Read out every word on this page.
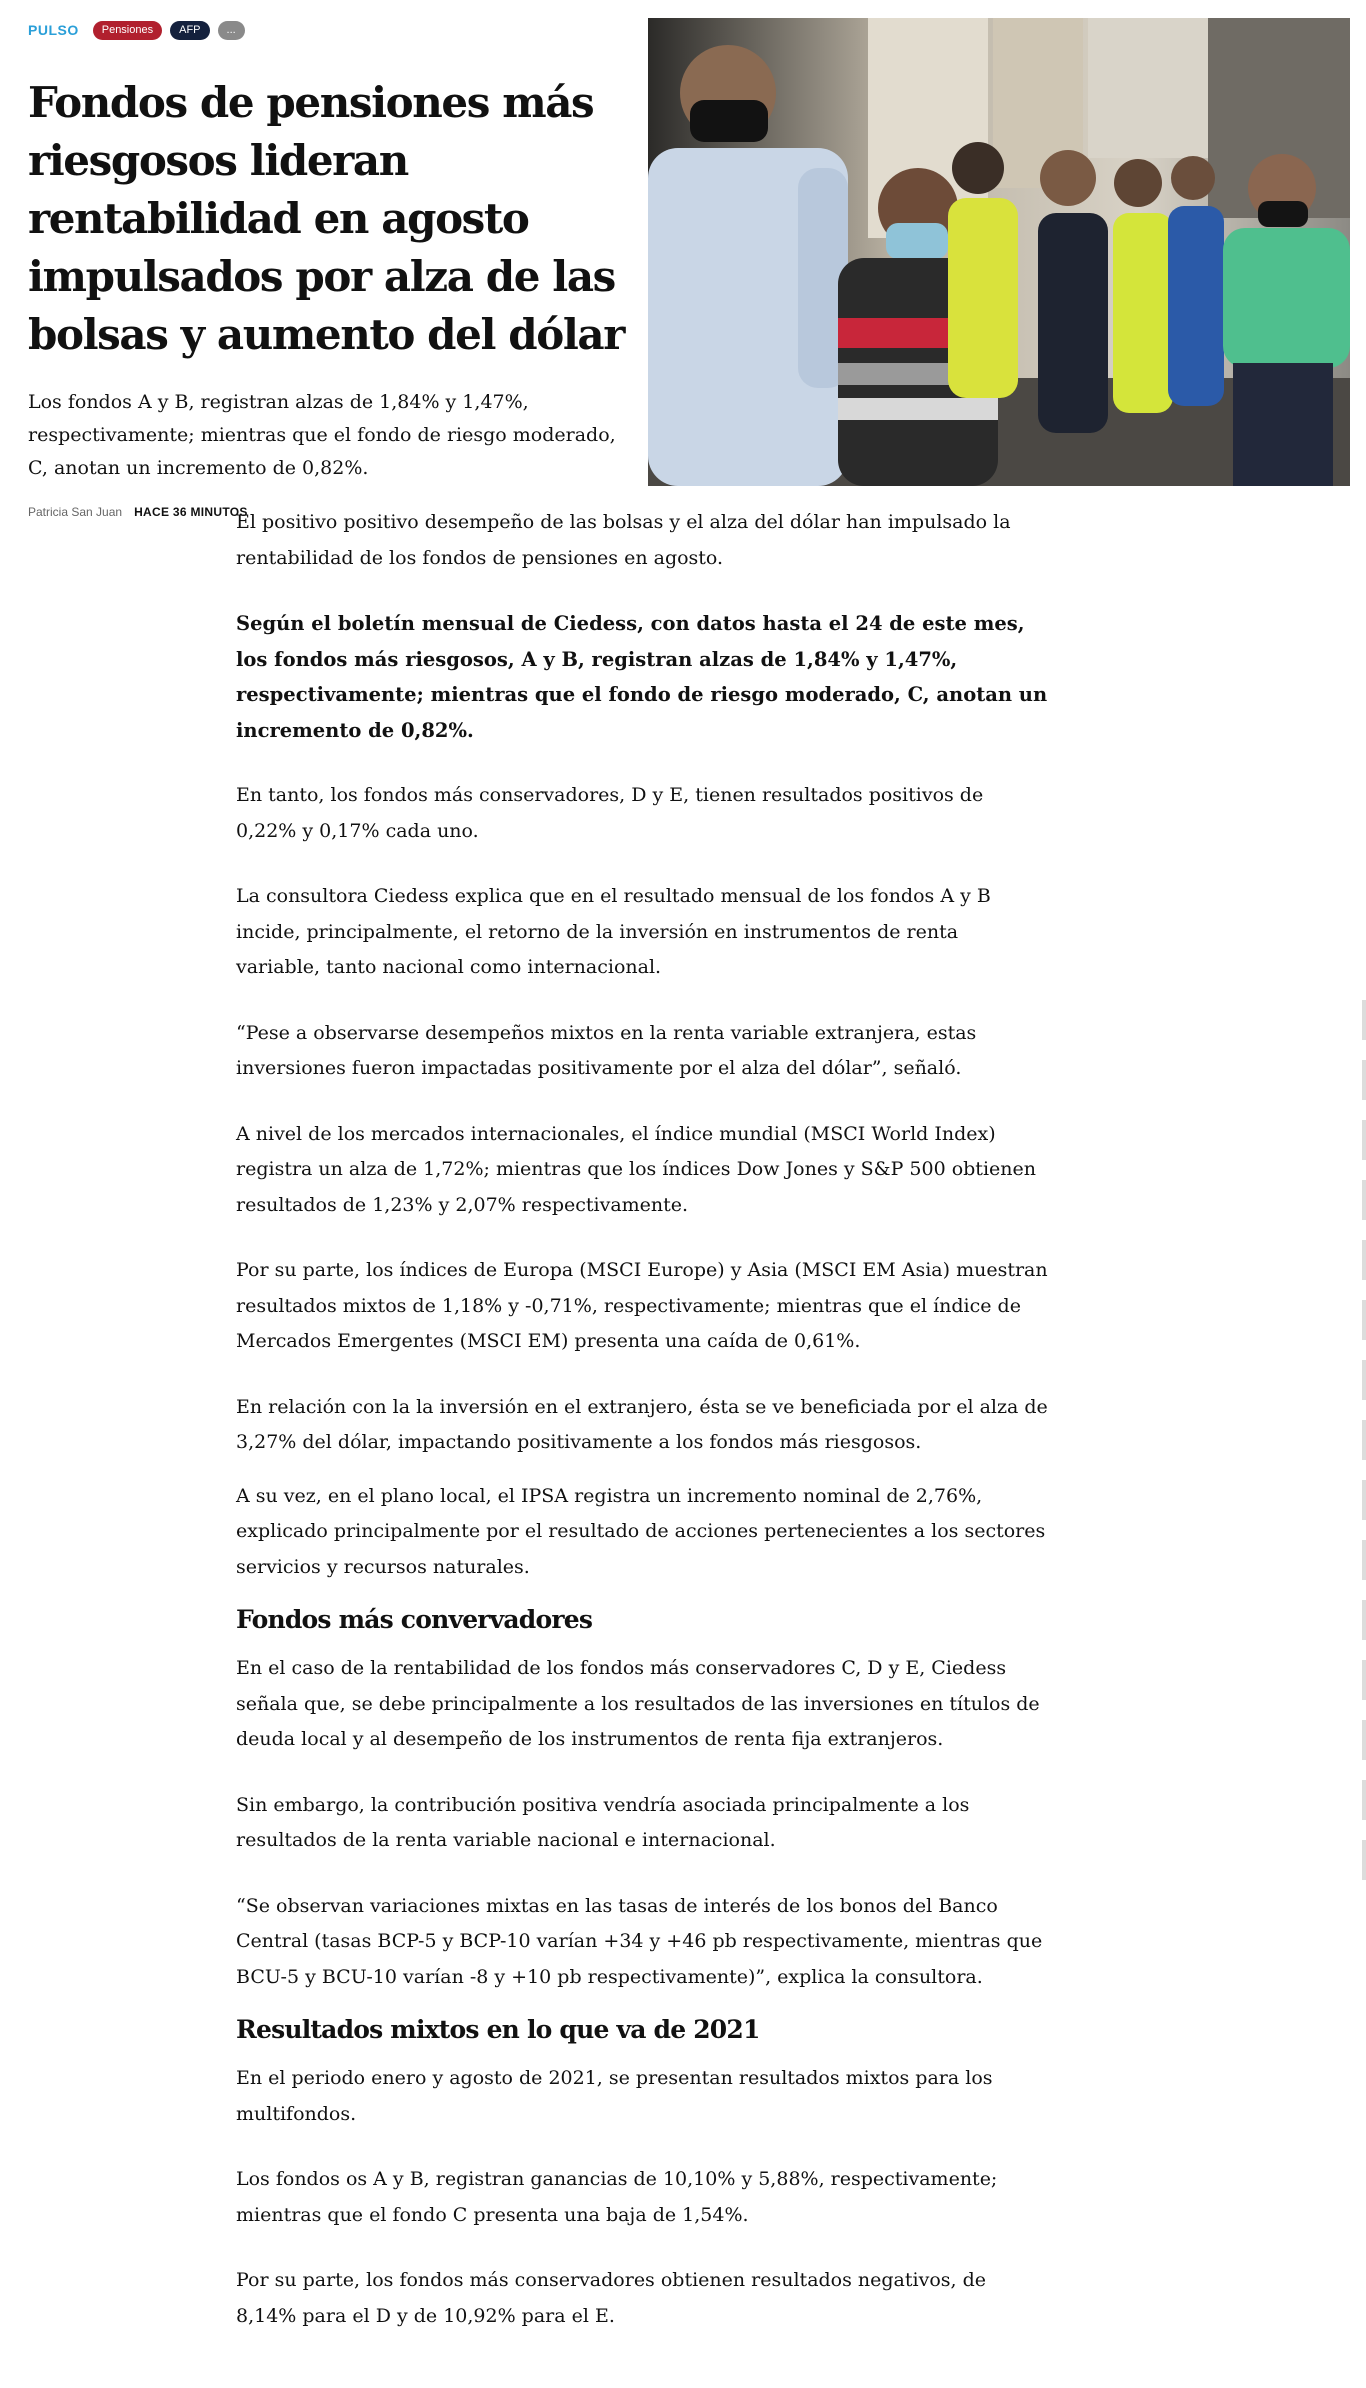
PULSO	Pensiones	AFP	...
Fondos de pensiones más riesgosos lideran rentabilidad en agosto impulsados por alza de las bolsas y aumento del dólar

Los fondos A y B, registran alzas de 1,84% y 1,47%, respectivamente; mientras que el fondo de riesgo moderado, C, anotan un incremento de 0,82%.

Patricia San Juan HACE 36 MINUTOS

El positivo positivo desempeño de las bolsas y el alza del dólar han impulsado la rentabilidad de los fondos de pensiones en agosto.

Según el boletín mensual de Ciedess, con datos hasta el 24 de este mes, los fondos más riesgosos, A y B, registran alzas de 1,84% y 1,47%, respectivamente; mientras que el fondo de riesgo moderado, C, anotan un incremento de 0,82%.

En tanto, los fondos más conservadores, D y E, tienen resultados positivos de 0,22% y 0,17% cada uno.

La consultora Ciedess explica que en el resultado mensual de los fondos A y B incide, principalmente, el retorno de la inversión en instrumentos de renta variable, tanto nacional como internacional.

“Pese a observarse desempeños mixtos en la renta variable extranjera, estas inversiones fueron impactadas positivamente por el alza del dólar”, señaló.

A nivel de los mercados internacionales, el índice mundial (MSCI World Index) registra un alza de 1,72%; mientras que los índices Dow Jones y S&P 500 obtienen resultados de 1,23% y 2,07% respectivamente.

Por su parte, los índices de Europa (MSCI Europe) y Asia (MSCI EM Asia) muestran resultados mixtos de 1,18% y -0,71%, respectivamente; mientras que el índice de Mercados Emergentes (MSCI EM) presenta una caída de 0,61%.

En relación con la la inversión en el extranjero, ésta se ve beneficiada por el alza de 3,27% del dólar, impactando positivamente a los fondos más riesgosos.

A su vez, en el plano local, el IPSA registra un incremento nominal de 2,76%, explicado principalmente por el resultado de acciones pertenecientes a los sectores servicios y recursos naturales.

Fondos más convervadores

En el caso de la rentabilidad de los fondos más conservadores C, D y E, Ciedess señala que, se debe principalmente a los resultados de las inversiones en títulos de deuda local y al desempeño de los instrumentos de renta fija extranjeros.

Sin embargo, la contribución positiva vendría asociada principalmente a los resultados de la renta variable nacional e internacional.

“Se observan variaciones mixtas en las tasas de interés de los bonos del Banco Central (tasas BCP-5 y BCP-10 varían +34 y +46 pb respectivamente, mientras que BCU-5 y BCU-10 varían -8 y +10 pb respectivamente)”, explica la consultora.

Resultados mixtos en lo que va de 2021

En el periodo enero y agosto de 2021, se presentan resultados mixtos para los multifondos.

Los fondos os A y B, registran ganancias de 10,10% y 5,88%, respectivamente; mientras que el fondo C presenta una baja de 1,54%.

Por su parte, los fondos más conservadores obtienen resultados negativos, de 8,14% para el D y de 10,92% para el E.
